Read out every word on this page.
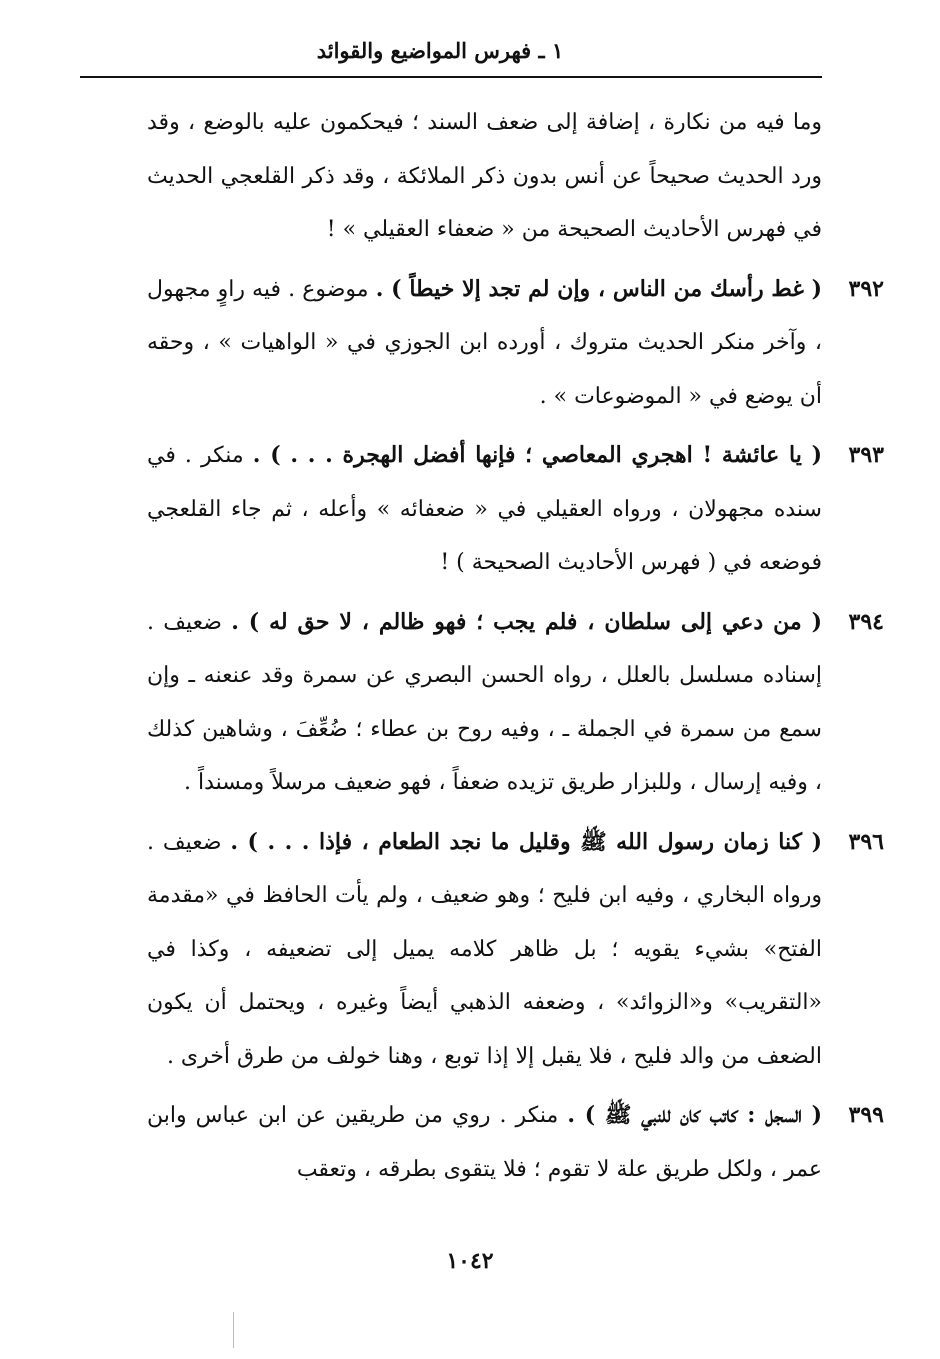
١ ـ فهرس المواضيع والقوائد

وما فيه من نكارة ، إضافة إلى ضعف السند ؛ فيحكمون عليه بالوضع ، وقد ورد الحديث صحيحاً عن أنس بدون ذكر الملائكة ، وقد ذكر القلعجي الحديث في فهرس الأحاديث الصحيحة من « ضعفاء العقيلي » !

٣٩٢
( غط رأسك من الناس ، وإن لم تجد إلا خيطاً ) . موضوع . فيه راوٍ مجهول ، وآخر منكر الحديث متروك ، أورده ابن الجوزي في « الواهيات » ، وحقه أن يوضع في « الموضوعات » .
٣٩٣
( يا عائشة ! اهجري المعاصي ؛ فإنها أفضل الهجرة . . . ) . منكر . في سنده مجهولان ، ورواه العقيلي في « ضعفائه » وأعله ، ثم جاء القلعجي فوضعه في ( فهرس الأحاديث الصحيحة ) !
٣٩٤
( من دعي إلى سلطان ، فلم يجب ؛ فهو ظالم ، لا حق له ) . ضعيف . إسناده مسلسل بالعلل ، رواه الحسن البصري عن سمرة وقد عنعنه ـ وإن سمع من سمرة في الجملة ـ ، وفيه روح بن عطاء ؛ ضُعِّفَ ، وشاهين كذلك ، وفيه إرسال ، وللبزار طريق تزيده ضعفاً ، فهو ضعيف مرسلاً ومسنداً .
٣٩٦
( كنا زمان رسول الله ﷺ وقليل ما نجد الطعام ، فإذا . . . ) . ضعيف . ورواه البخاري ، وفيه ابن فليح ؛ وهو ضعيف ، ولم يأت الحافظ في «مقدمة الفتح» بشيء يقويه ؛ بل ظاهر كلامه يميل إلى تضعيفه ، وكذا في «التقريب» و«الزوائد» ، وضعفه الذهبي أيضاً وغيره ، ويحتمل أن يكون الضعف من والد فليح ، فلا يقبل إلا إذا توبع ، وهنا خولف من طرق أخرى .
٣٩٩
( السجل : كاتب كان للنبي ﷺ ) . منكر . روي من طريقين عن ابن عباس وابن عمر ، ولكل طريق علة لا تقوم ؛ فلا يتقوى بطرقه ، وتعقب
١٠٤٢
